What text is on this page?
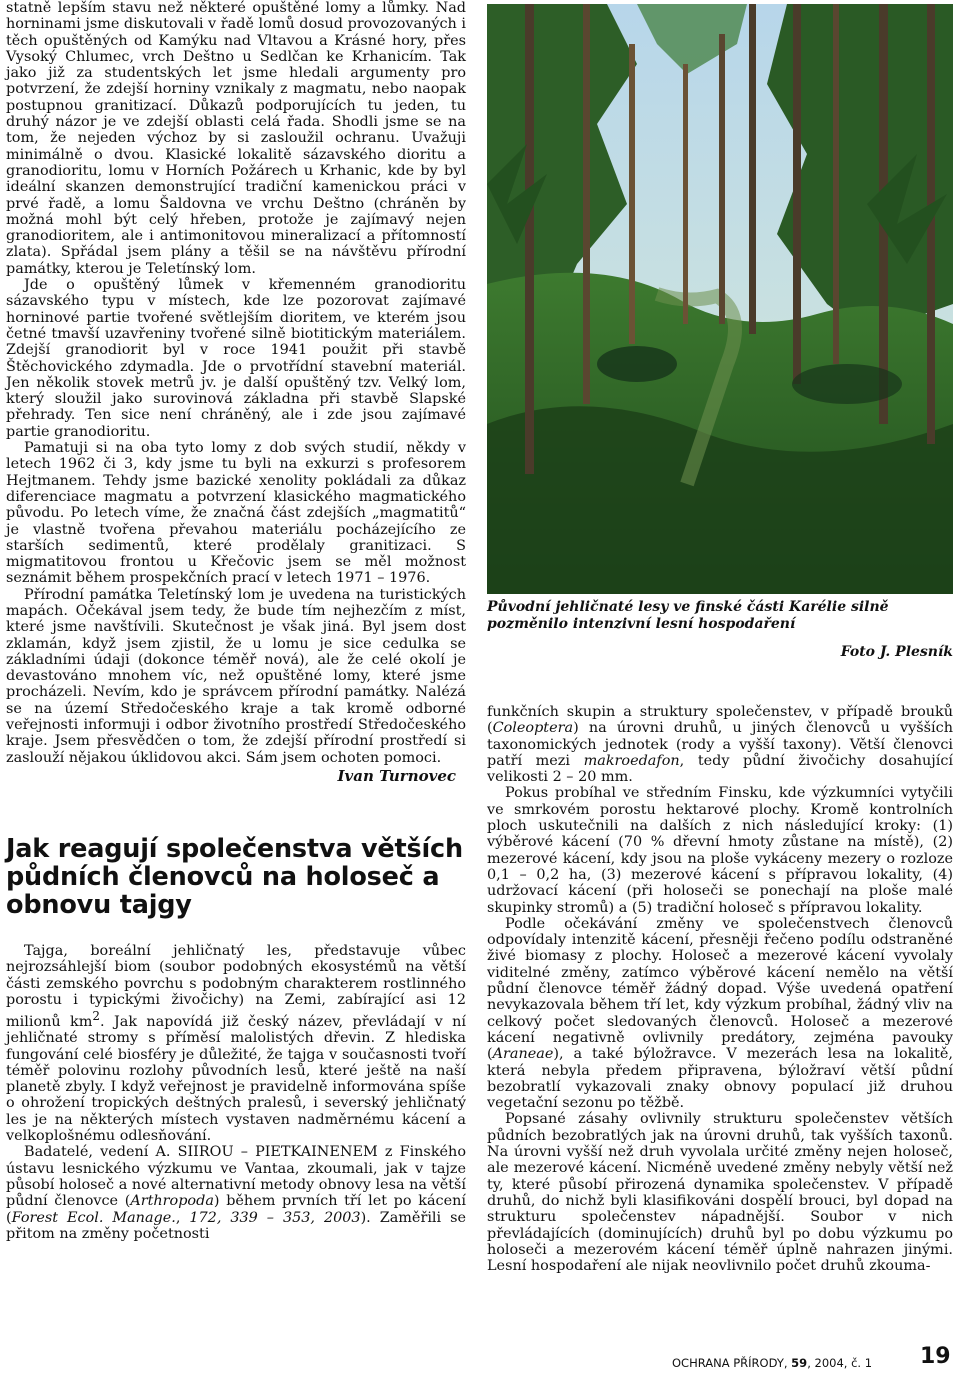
statně lepším stavu než některé opuštěné lomy a lůmky. Nad horninami jsme diskutovali v řadě lomů dosud provozovaných i těch opuštěných od Kamýku nad Vltavou a Krásné hory, přes Vysoký Chlumec, vrch Deštno u Sedlčan ke Krhanicím. Tak jako již za studentských let jsme hledali argumenty pro potvrzení, že zdejší horniny vznikaly z magmatu, nebo naopak postupnou granitizací. Důkazů podporujících tu jeden, tu druhý názor je ve zdejší oblasti celá řada. Shodli jsme se na tom, že nejeden výchoz by si zasloužil ochranu. Uvažuji minimálně o dvou. Klasické lokalitě sázavského dioritu a granodioritu, lomu v Horních Požárech u Krhanic, kde by byl ideální skanzen demonstrující tradiční kamenickou práci v prvé řadě, a lomu Šaldovna ve vrchu Deštno (chráněn by možná mohl být celý hřeben, protože je zajímavý nejen granodioritem, ale i antimonitovou mineralizací a přítomností zlata). Spřádal jsem plány a těšil se na návštěvu přírodní památky, kterou je Teletínský lom.

Jde o opuštěný lůmek v křemenném granodioritu sázavského typu v místech, kde lze pozorovat zajímavé horninové partie tvořené světlejším dioritem, ve kterém jsou četné tmavší uzavřeniny tvořené silně biotitickým materiálem. Zdejší granodiorit byl v roce 1941 použit při stavbě Štěchovického zdymadla. Jde o prvotřídní stavební materiál. Jen několik stovek metrů jv. je další opuštěný tzv. Velký lom, který sloužil jako surovinová základna při stavbě Slapské přehrady. Ten sice není chráněný, ale i zde jsou zajímavé partie granodioritu.

Pamatuji si na oba tyto lomy z dob svých studií, někdy v letech 1962 či 3, kdy jsme tu byli na exkurzi s profesorem Hejtmanem. Tehdy jsme bazické xenolity pokládali za důkaz diferenciace magmatu a potvrzení klasického magmatického původu. Po letech víme, že značná část zdejších „magmatitů“ je vlastně tvořena převahou materiálu pocházejícího ze starších sedimentů, které prodělaly granitizaci. S migmatitovou frontou u Křečovic jsem se měl možnost seznámit během prospekčních prací v letech 1971 – 1976.

Přírodní památka Teletínský lom je uvedena na turistických mapách. Očekával jsem tedy, že bude tím nejhezčím z míst, které jsme navštívili. Skutečnost je však jiná. Byl jsem dost zklamán, když jsem zjistil, že u lomu je sice cedulka se základními údaji (dokonce téměř nová), ale že celé okolí je devastováno mnohem víc, než opuštěné lomy, které jsme procházeli. Nevím, kdo je správcem přírodní památky. Nalézá se na území Středočeského kraje a tak kromě odborné veřejnosti informuji i odbor životního prostředí Středočeského kraje. Jsem přesvědčen o tom, že zdejší přírodní prostředí si zaslouží nějakou úklidovou akci. Sám jsem ochoten pomoci.

Ivan Turnovec
Jak reagují společenstva větších půdních členovců na holoseč a obnovu tajgy

Tajga, boreální jehličnatý les, představuje vůbec nejrozsáhlejší biom (soubor podobných ekosystémů na větší části zemského povrchu s podobným charakterem rostlinného porostu i typickými živočichy) na Zemi, zabírající asi 12 milionů $km^2$. Jak napovídá již český název, převládají v ní jehličnaté stromy s příměsí malolistých dřevin. Z hlediska fungování celé biosféry je důležité, že tajga v současnosti tvoří téměř polovinu rozlohy původních lesů, které ještě na naší planetě zbyly. I když veřejnost je pravidelně informována spíše o ohrožení tropických deštných pralesů, i severský jehličnatý les je na některých místech vystaven nadměrnému kácení a velkoplošnému odlesňování.

Badatelé, vedení A. SIIROU – PIETKAINENEM z Finského ústavu lesnického výzkumu ve Vantaa, zkoumali, jak v tajze působí holoseč a nové alternativní metody obnovy lesa na větší půdní členovce (Arthropoda) během prvních tří let po kácení (Forest Ecol. Manage., 172, 339 – 353, 2003). Zaměřili se přitom na změny početnosti

Původní jehličnaté lesy ve finské části Karélie silně pozměnilo intenzivní lesní hospodaření

Foto J. Plesník

funkčních skupin a struktury společenstev, v případě brouků (Coleoptera) na úrovni druhů, u jiných členovců u vyšších taxonomických jednotek (rody a vyšší taxony). Větší členovci patří mezi makroedafon, tedy půdní živočichy dosahující velikosti 2 – 20 mm.

Pokus probíhal ve středním Finsku, kde výzkumníci vytyčili ve smrkovém porostu hektarové plochy. Kromě kontrolních ploch uskutečnili na dalších z nich následující kroky: (1) výběrové kácení (70 % dřevní hmoty zůstane na místě), (2) mezerové kácení, kdy jsou na ploše vykáceny mezery o rozloze 0,1 – 0,2 ha, (3) mezerové kácení s přípravou lokality, (4) udržovací kácení (při holoseči se ponechají na ploše malé skupinky stromů) a (5) tradiční holoseč s přípravou lokality.

Podle očekávání změny ve společenstvech členovců odpovídaly intenzitě kácení, přesněji řečeno podílu odstraněné živé biomasy z plochy. Holoseč a mezerové kácení vyvolaly viditelné změny, zatímco výběrové kácení nemělo na větší půdní členovce téměř žádný dopad. Výše uvedená opatření nevykazovala během tří let, kdy výzkum probíhal, žádný vliv na celkový počet sledovaných členovců. Holoseč a mezerové kácení negativně ovlivnily predátory, zejména pavouky (Araneae), a také býložravce. V mezerách lesa na lokalitě, která nebyla předem připravena, býložraví větší půdní bezobratlí vykazovali znaky obnovy populací již druhou vegetační sezonu po těžbě.

Popsané zásahy ovlivnily strukturu společenstev větších půdních bezobratlých jak na úrovni druhů, tak vyšších taxonů. Na úrovni vyšší než druh vyvolala určité změny nejen holoseč, ale mezerové kácení. Nicméně uvedené změny nebyly větší než ty, které působí přirozená dynamika společenstev. V případě druhů, do nichž byli klasifikováni dospělí brouci, byl dopad na strukturu společenstev nápadnější. Soubor v nich převládajících (dominujících) druhů byl po dobu výzkumu po holoseči a mezerovém kácení téměř úplně nahrazen jinými. Lesní hospodaření ale nijak neovlivnilo počet druhů zkouma-

OCHRANA PŘÍRODY, 59, 2004, č. 1 19
